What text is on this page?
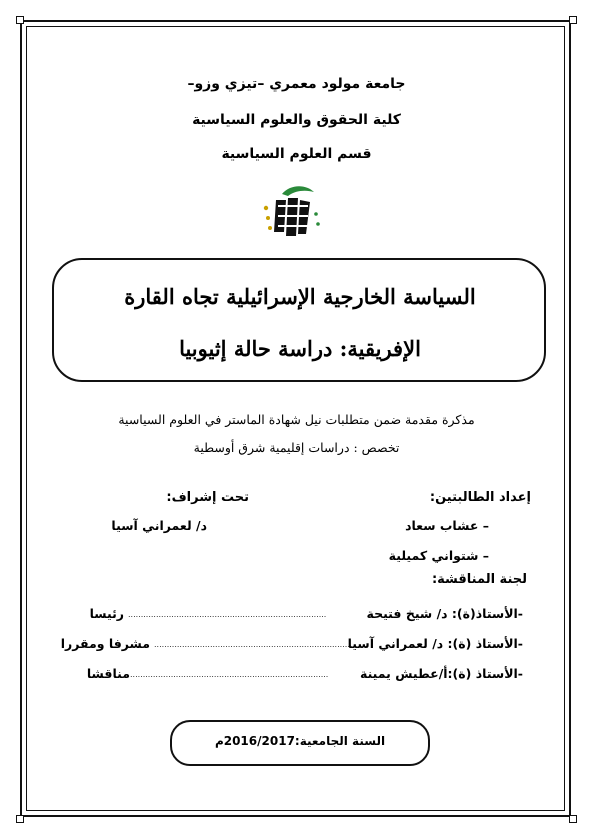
جامعة مولود معمري –تيزي وزو–
كلية الحقوق والعلوم السياسية
قسم العلوم السياسية
السياسة الخارجية الإسرائيلية تجاه القارة
الإفريقية: دراسة حالة إثيوبيا
مذكرة مقدمة ضمن متطلبات نيل شهادة الماستر في العلوم السياسية
تخصص : دراسات إقليمية شرق أوسطية
إعداد الطالبتين:
– عشاب سعاد
– شتواني كميلية
تحت إشراف:
د/ لعمراني آسيا
لجنة المناقشة:
-الأستاذ(ة): د/ شيخ فتيحة
..............................................................................
رئيسا
-الأستاذ (ة): د/ لعمراني آسيا
..............................................................................
مشرفا ومقررا
-الأستاذ (ة):أ/عطيش يمينة
..............................................................................
مناقشا
السنة الجامعية:2016/2017م
